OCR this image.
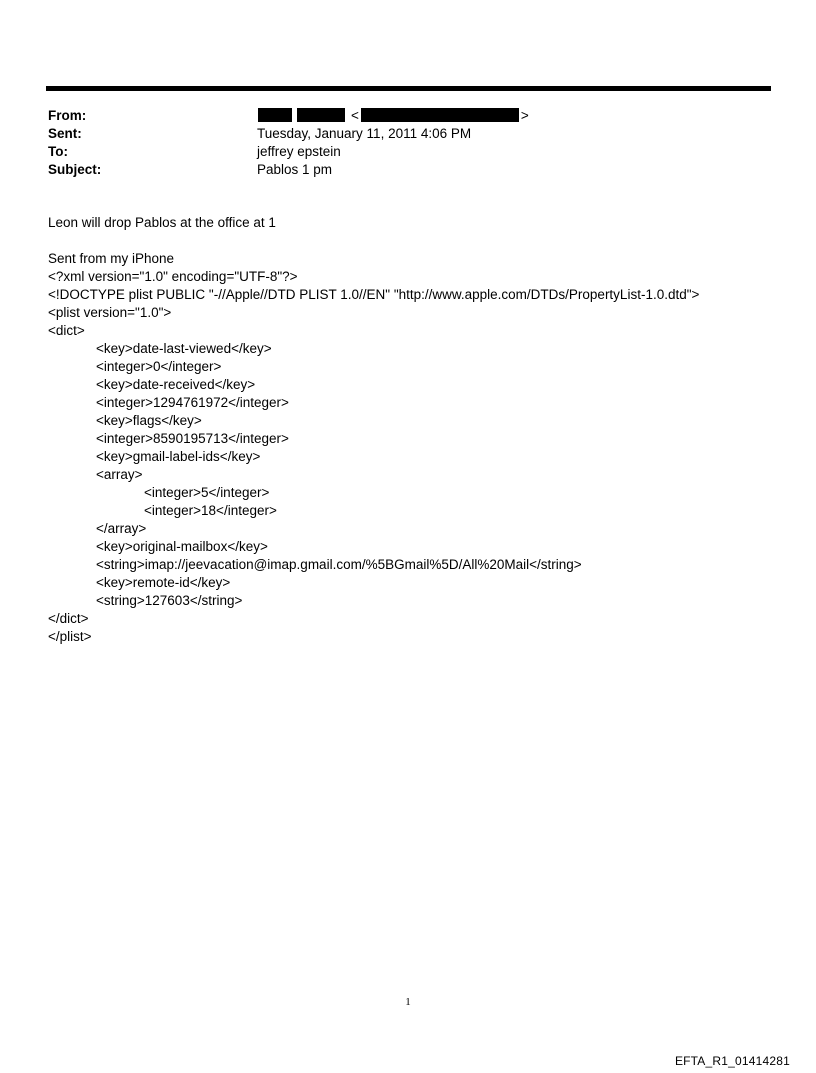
From:	<	>
Sent:	Tuesday, January 11, 2011 4:06 PM
To:	jeffrey epstein
Subject:	Pablos 1 pm
Leon will drop Pablos at the office at 1
Sent from my iPhone
<?xml version="1.0" encoding="UTF-8"?>
<!DOCTYPE plist PUBLIC "-//Apple//DTD PLIST 1.0//EN" "http://www.apple.com/DTDs/PropertyList-1.0.dtd">
<plist version="1.0">
<dict>
<key>date-last-viewed</key>
<integer>0</integer>
<key>date-received</key>
<integer>1294761972</integer>
<key>flags</key>
<integer>8590195713</integer>
<key>gmail-label-ids</key>
<array>
<integer>5</integer>
<integer>18</integer>
</array>
<key>original-mailbox</key>
<string>imap://jeevacation@imap.gmail.com/%5BGmail%5D/All%20Mail</string>
<key>remote-id</key>
<string>127603</string>
</dict>
</plist>
1
EFTA_R1_01414281
